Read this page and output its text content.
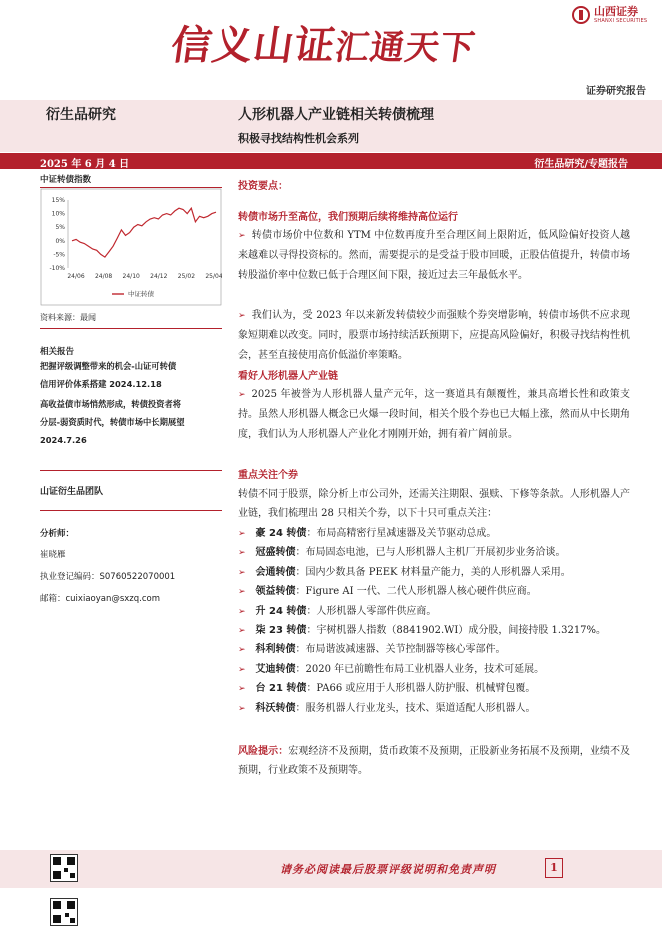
信义山证汇通天下
山西证券
SHANXI SECURITIES
证券研究报告
衍生品研究	人形机器人产业链相关转债梳理
积极寻找结构性机会系列
2025 年 6 月 4 日	衍生品研究/专题报告
中证转债指数
15%
10%
5%
0%
-5%
-10%
24/06 24/08 24/10 24/12 25/02 25/04
中证转债
资料来源：最闻
相关报告
把握评级调整带来的机会-山证可转债
信用评价体系搭建 2024.12.18
高收益债市场悄然形成，转债投资者将
分层-弱资质时代，转债市场中长期展望
2024.7.26
山证衍生品团队
分析师：
崔晓雁
执业登记编码：S0760522070001
邮箱：cuixiaoyan@sxzq.com
投资要点：
转债市场升至高位，我们预期后续将维持高位运行
➢ 转债市场价中位数和 YTM 中位数再度升至合理区间上限附近，低风险偏好投资人越来越难以寻得投资标的。然而，需要提示的是受益于股市回暖，正股估值提升，转债市场转股溢价率中位数已低于合理区间下限，接近过去三年最低水平。
➢ 我们认为，受 2023 年以来新发转债较少而强赎个券突增影响，转债市场供不应求现象短期难以改变。同时，股票市场持续活跃预期下，应提高风险偏好，积极寻找结构性机会，甚至直接使用高价低溢价率策略。
看好人形机器人产业链
➢ 2025 年被誉为人形机器人量产元年，这一赛道具有颠覆性，兼具高增长性和政策支持。虽然人形机器人概念已火爆一段时间，相关个股个券也已大幅上涨，然而从中长期角度，我们认为人形机器人产业化才刚刚开始，拥有着广阔前景。
重点关注个券
转债不同于股票，除分析上市公司外，还需关注期限、强赎、下修等条款。人形机器人产业链，我们梳理出 28 只相关个券，以下十只可重点关注：
➢ 豪 24 转债：布局高精密行星减速器及关节驱动总成。
➢ 冠盛转债：布局固态电池，已与人形机器人主机厂开展初步业务洽谈。
➢ 会通转债：国内少数具备 PEEK 材料量产能力，美的人形机器人采用。
➢ 领益转债：Figure AI 一代、二代人形机器人核心硬件供应商。
➢ 升 24 转债：人形机器人零部件供应商。
➢ 柒 23 转债：宇树机器人指数（8841902.WI）成分股，间接持股 1.3217%。
➢ 科利转债：布局谐波减速器、关节控制器等核心零部件。
➢ 艾迪转债：2020 年已前瞻性布局工业机器人业务，技术可延展。
➢ 台 21 转债：PA66 或应用于人形机器人防护服、机械臂包覆。
➢ 科沃转债：服务机器人行业龙头，技术、渠道适配人形机器人。
风险提示：宏观经济不及预期，货币政策不及预期，正股新业务拓展不及预期，业绩不及预期，行业政策不及预期等。
请务必阅读最后股票评级说明和免责声明	1
